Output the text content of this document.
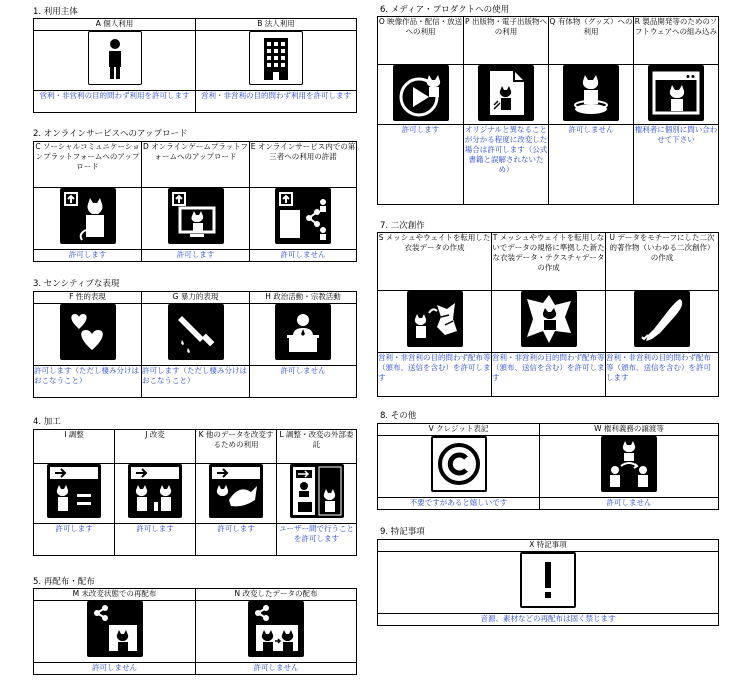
1. 利用主体
A 個人利用	B 法人利用

営利・非営利の目的問わず利用を許可します	営利・非営利の目的問わず利用を許可します
2. オンラインサービスへのアップロード
C ソーシャルコミュニケーションプラットフォームへのアップロード	D オンラインゲームプラットフォームへのアップロード	E オンラインサービス内での第三者への利用の許諾

許可します	許可します	許可しません
3. センシティブな表現
F 性的表現	G 暴力的表現	H 政治活動・宗教活動

許可します（ただし棲み分けはおこなうこと）	許可します（ただし棲み分けはおこなうこと）	許可しません
4. 加工
I 調整	J 改変	K 他のデータを改変するための利用	L 調整・改変の外部委託

許可します	許可します	許可します	ユーザー間で行うことを許可します
5. 再配布・配布
M 未改変状態での再配布	N 改変したデータの配布

許可しません	許可しません
6. メディア・プロダクトへの使用
O 映像作品・配信・放送への利用	P 出版物・電子出版物への利用	Q 有体物（グッズ）への利用	R 製品開発等のためのソフトウェアへの組み込み

許可します	オリジナルと異なることが分かる程度に改変した場合は許可します（公式書籍と誤解されないため）	許可しません	権利者に個別に問い合わせて下さい
7. 二次創作
S メッシュやウェイトを転用した衣装データの作成	T メッシュやウェイトを転用しないでデータの規格に準拠した新たな衣装データ・テクスチャデータの作成	U データをモチーフにした二次的著作物（いわゆる二次創作）の作成

営利・非営利の目的問わず配布等（頒布、送信を含む）を許可します	営利・非営利の目的問わず配布等（頒布、送信を含む）を許可します	営利・非営利の目的問わず配布等（頒布、送信を含む）を許可します
8. その他
V クレジット表記	W 権利義務の譲渡等

不要ですがあると嬉しいです	許可しません
9. 特記事項
X 特記事項

音源、素材などの再配布は固く禁じます
